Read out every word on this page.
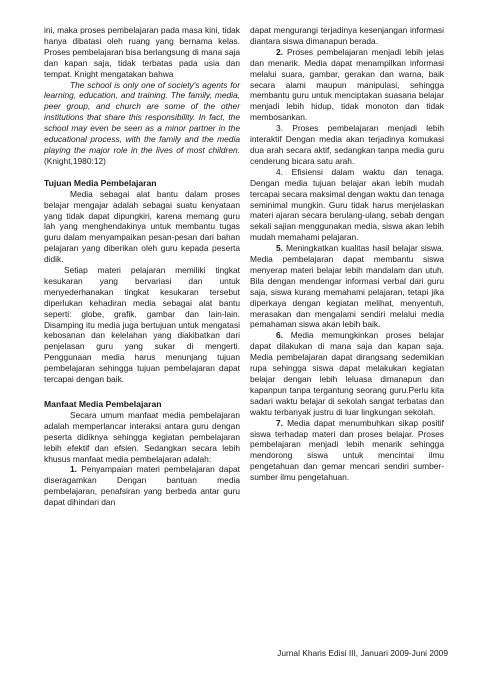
ini, maka proses pembelajaran pada masa kini, tidak hanya dibatasi oleh ruang yang bernama kelas. Proses pembelajaran bisa berlangsung di mana saja dan kapan saja, tidak terbatas pada usia dan tempat. Knight mengatakan bahwa

The school is only one of society's agents for learning, education, and training. The family, media, peer group, and church are some of the other institutions that share this responsibility. In fact, the school may even be seen as a minor partner in the educational process, with the family and the media playing the major role in the lives of most children. (Knight,1980:12)

Tujuan Media Pembelajaran

Media sebagai alat bantu dalam proses belajar mengajar adalah sebagai suatu kenyataan yang tidak dapat dipungkiri, karena memang guru lah yang menghendakinya untuk membantu tugas guru dalam menyampaikan pesan-pesan dari bahan pelajaran yang diberikan oleh guru kepada peserta didik.

Setiap materi pelajaran memiliki tingkat kesukaran yang bervariasi dan untuk menyederhanakan tingkat kesukaran tersebut diperlukan kehadiran media sebagai alat bantu seperti: globe, grafik, gambar dan lain-lain. Disamping itu media juga bertujuan untuk mengatasi kebosanan dan kelelahan yang diakibatkan dari penjelasan guru yang sukar di mengerti. Penggunaan media harus menunjang tujuan pembelajaran sehingga tujuan pembelajaran dapat tercapai dengan baik.

Manfaat Media Pembelajaran

Secara umum manfaat media pembelajaran adalah memperlancar interaksi antara guru dengan peserta didiknya sehingga kegiatan pembelajaran lebih efektif dan efsien. Sedangkan secara lebih khusus manfaat media pembelajaran adalah:

1. Penyampaian materi pembelajaran dapat diseragamkan Dengan bantuan media pembelajaran, penafsiran yang berbeda antar guru dapat dihindari dan

dapat mengurangi terjadinya kesenjangan informasi diantara siswa dimanapun berada.

2. Proses pembelajaran menjadi lebih jelas dan menarik. Media dapat menampilkan informasi melalui suara, gambar, gerakan dan warna, baik secara alami maupun manipulasi, sehingga membantu guru untuk menciptakan suasana belajar menjadi lebih hidup, tidak monoton dan tidak membosankan.

3. Proses pembelajaran menjadi lebih interaktif Dengan media akan terjadinya komukasi dua arah secara aktif, sedangkan tanpa media guru cenderung bicara satu arah.

4. Efisiensi dalam waktu dan tenaga. Dengan media tujuan belajar akan lebih mudah tercapai secara maksimal dengan waktu dan tenaga seminimal mungkin. Guru tidak harus menjelaskan materi ajaran secara berulang-ulang, sebab dengan sekali sajian menggunakan media, siswa akan lebih mudah memahami pelajaran.

5. Meningkatkan kualitas hasil belajar siswa. Media pembelajaran dapat membantu siswa menyerap materi belajar lebih mandalam dan utuh. Bila dengan mendengar informasi verbal dari guru saja, siswa kurang memahami pelajaran, tetapi jika diperkaya dengan kegiatan melihat, menyentuh, merasakan dan mengalami sendiri melalui media pemahaman siswa akan lebih baik.

6. Media memungkinkan proses belajar dapat dilakukan di mana saja dan kapan saja. Media pembelajaran dapat dirangsang sedemikian rupa sehingga siswa dapat melakukan kegiatan belajar dengan lebih leluasa dimanapun dan kapanpun tanpa tergantung seorang guru.Perlu kita sadari waktu belajar di sekolah sangat terbatas dan waktu terbanyak justru di luar lingkungan sekolah.

7. Media dapat menumbuhkan sikap positif siswa terhadap materi dan proses belajar. Proses pembelajaran menjadi lebih menarik sehingga mendorong siswa untuk mencintai ilmu pengetahuan dan gemar mencari sendiri sumber-sumber ilmu pengetahuan.

Jurnal Kharis Edisi III, Januari 2009-Juni 2009
